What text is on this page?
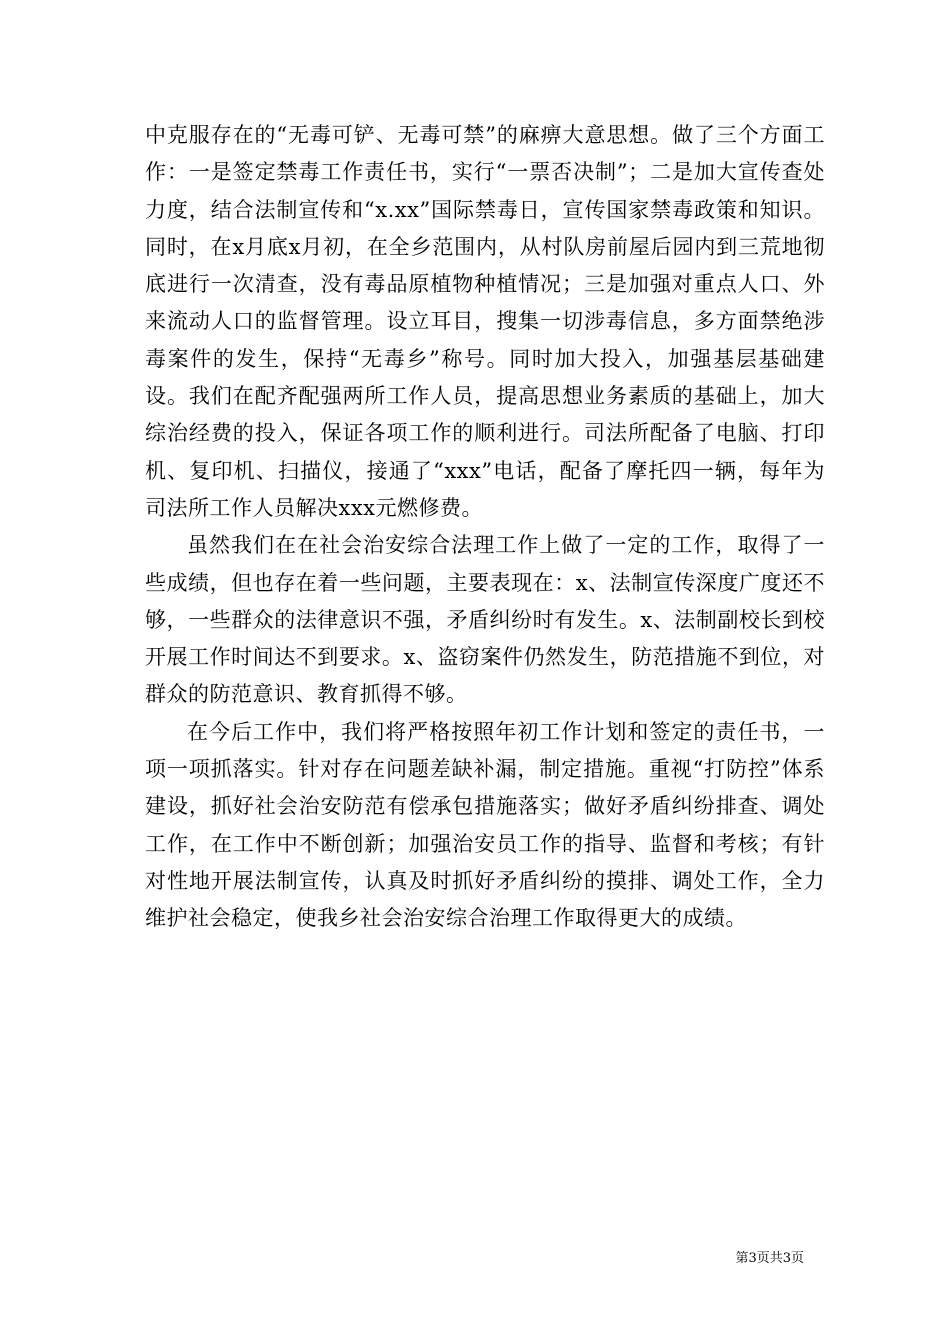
中克服存在的“无毒可铲、无毒可禁”的麻痹大意思想。做了三个方面工作：一是签定禁毒工作责任书，实行“一票否决制”；二是加大宣传查处力度，结合法制宣传和“x.xx”国际禁毒日，宣传国家禁毒政策和知识。同时，在x月底x月初，在全乡范围内，从村队房前屋后园内到三荒地彻底进行一次清查，没有毒品原植物种植情况；三是加强对重点人口、外来流动人口的监督管理。设立耳目，搜集一切涉毒信息，多方面禁绝涉毒案件的发生，保持“无毒乡”称号。同时加大投入，加强基层基础建设。我们在配齐配强两所工作人员，提高思想业务素质的基础上，加大综治经费的投入，保证各项工作的顺利进行。司法所配备了电脑、打印机、复印机、扫描仪，接通了“xxx”电话，配备了摩托四一辆，每年为司法所工作人员解决xxx元燃修费。

虽然我们在在社会治安综合法理工作上做了一定的工作，取得了一些成绩，但也存在着一些问题，主要表现在：x、法制宣传深度广度还不够，一些群众的法律意识不强，矛盾纠纷时有发生。x、法制副校长到校开展工作时间达不到要求。x、盗窃案件仍然发生，防范措施不到位，对群众的防范意识、教育抓得不够。

在今后工作中，我们将严格按照年初工作计划和签定的责任书，一项一项抓落实。针对存在问题差缺补漏，制定措施。重视“打防控”体系建设，抓好社会治安防范有偿承包措施落实；做好矛盾纠纷排查、调处工作，在工作中不断创新；加强治安员工作的指导、监督和考核；有针对性地开展法制宣传，认真及时抓好矛盾纠纷的摸排、调处工作，全力维护社会稳定，使我乡社会治安综合治理工作取得更大的成绩。

第3页共3页
